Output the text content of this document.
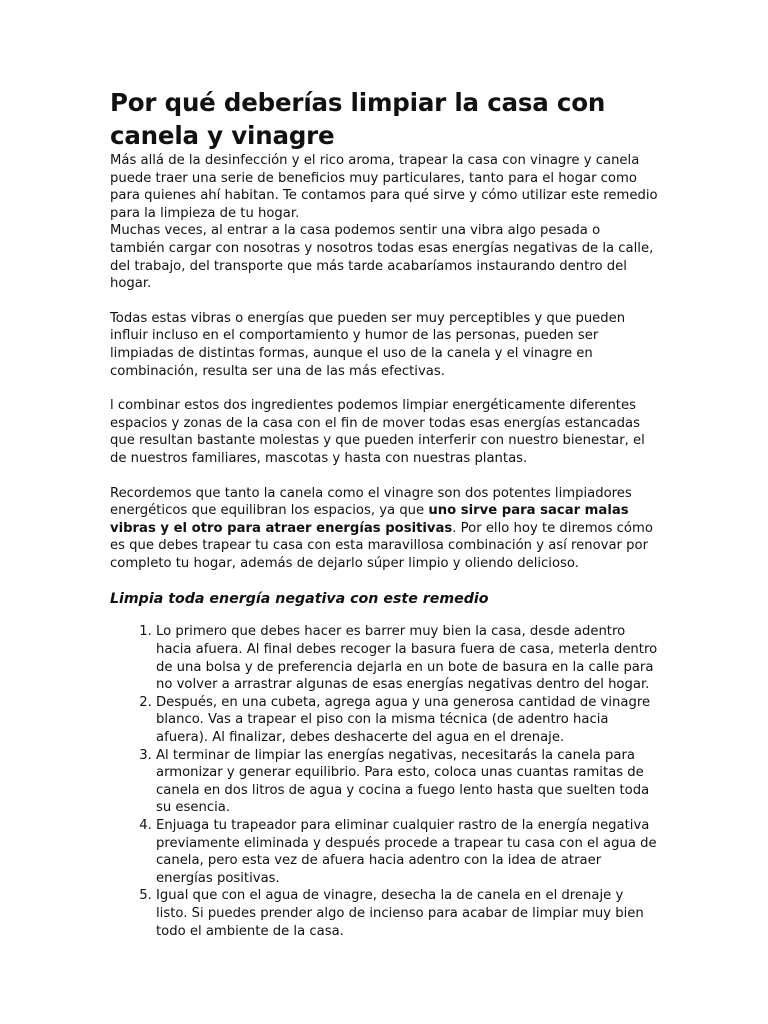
Por qué deberías limpiar la casa con canela y vinagre

Más allá de la desinfección y el rico aroma, trapear la casa con vinagre y canela puede traer una serie de beneficios muy particulares, tanto para el hogar como para quienes ahí habitan. Te contamos para qué sirve y cómo utilizar este remedio para la limpieza de tu hogar.

Muchas veces, al entrar a la casa podemos sentir una vibra algo pesada o también cargar con nosotras y nosotros todas esas energías negativas de la calle, del trabajo, del transporte que más tarde acabaríamos instaurando dentro del hogar.

Todas estas vibras o energías que pueden ser muy perceptibles y que pueden influir incluso en el comportamiento y humor de las personas, pueden ser limpiadas de distintas formas, aunque el uso de la canela y el vinagre en combinación, resulta ser una de las más efectivas.

l combinar estos dos ingredientes podemos limpiar energéticamente diferentes espacios y zonas de la casa con el fin de mover todas esas energías estancadas que resultan bastante molestas y que pueden interferir con nuestro bienestar, el de nuestros familiares, mascotas y hasta con nuestras plantas.

Recordemos que tanto la canela como el vinagre son dos potentes limpiadores energéticos que equilibran los espacios, ya que uno sirve para sacar malas vibras y el otro para atraer energías positivas. Por ello hoy te diremos cómo es que debes trapear tu casa con esta maravillosa combinación y así renovar por completo tu hogar, además de dejarlo súper limpio y oliendo delicioso.

Limpia toda energía negativa con este remedio
1. Lo primero que debes hacer es barrer muy bien la casa, desde adentro hacia afuera. Al final debes recoger la basura fuera de casa, meterla dentro de una bolsa y de preferencia dejarla en un bote de basura en la calle para no volver a arrastrar algunas de esas energías negativas dentro del hogar.
2. Después, en una cubeta, agrega agua y una generosa cantidad de vinagre blanco. Vas a trapear el piso con la misma técnica (de adentro hacia afuera). Al finalizar, debes deshacerte del agua en el drenaje.
3. Al terminar de limpiar las energías negativas, necesitarás la canela para armonizar y generar equilibrio. Para esto, coloca unas cuantas ramitas de canela en dos litros de agua y cocina a fuego lento hasta que suelten toda su esencia.
4. Enjuaga tu trapeador para eliminar cualquier rastro de la energía negativa previamente eliminada y después procede a trapear tu casa con el agua de canela, pero esta vez de afuera hacia adentro con la idea de atraer energías positivas.
5. Igual que con el agua de vinagre, desecha la de canela en el drenaje y listo. Si puedes prender algo de incienso para acabar de limpiar muy bien todo el ambiente de la casa.
